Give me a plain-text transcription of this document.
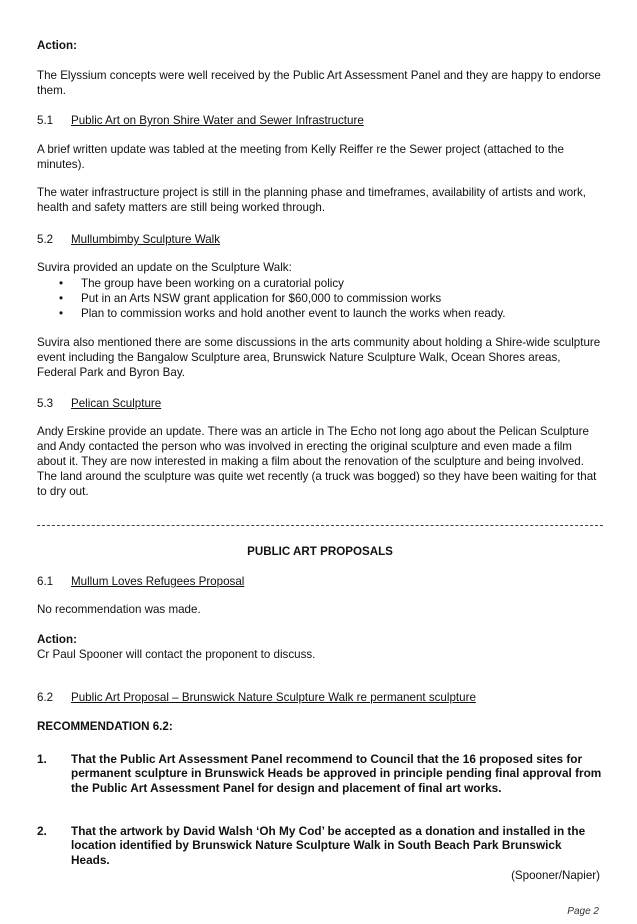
Action:

The Elyssium concepts were well received by the Public Art Assessment Panel and they are happy to endorse them.

5.1 Public Art on Byron Shire Water and Sewer Infrastructure

A brief written update was tabled at the meeting from Kelly Reiffer re the Sewer project (attached to the minutes).

The water infrastructure project is still in the planning phase and timeframes, availability of artists and work, health and safety matters are still being worked through.

5.2 Mullumbimby Sculpture Walk

Suvira provided an update on the Sculpture Walk:

• The group have been working on a curatorial policy
• Put in an Arts NSW grant application for $60,000 to commission works
• Plan to commission works and hold another event to launch the works when ready.

Suvira also mentioned there are some discussions in the arts community about holding a Shire-wide sculpture event including the Bangalow Sculpture area, Brunswick Nature Sculpture Walk, Ocean Shores areas, Federal Park and Byron Bay.

5.3 Pelican Sculpture

Andy Erskine provide an update. There was an article in The Echo not long ago about the Pelican Sculpture and Andy contacted the person who was involved in erecting the original sculpture and even made a film about it. They are now interested in making a film about the renovation of the sculpture and being involved. The land around the sculpture was quite wet recently (a truck was bogged) so they have been waiting for that to dry out.

PUBLIC ART PROPOSALS

6.1 Mullum Loves Refugees Proposal

No recommendation was made.

Action:

Cr Paul Spooner will contact the proponent to discuss.

6.2 Public Art Proposal – Brunswick Nature Sculpture Walk re permanent sculpture

RECOMMENDATION 6.2:

1. That the Public Art Assessment Panel recommend to Council that the 16 proposed sites for permanent sculpture in Brunswick Heads be approved in principle pending final approval from the Public Art Assessment Panel for design and placement of final art works.
2. That the artwork by David Walsh ‘Oh My Cod’ be accepted as a donation and installed in the location identified by Brunswick Nature Sculpture Walk in South Beach Park Brunswick Heads.

(Spooner/Napier)

Page 2
